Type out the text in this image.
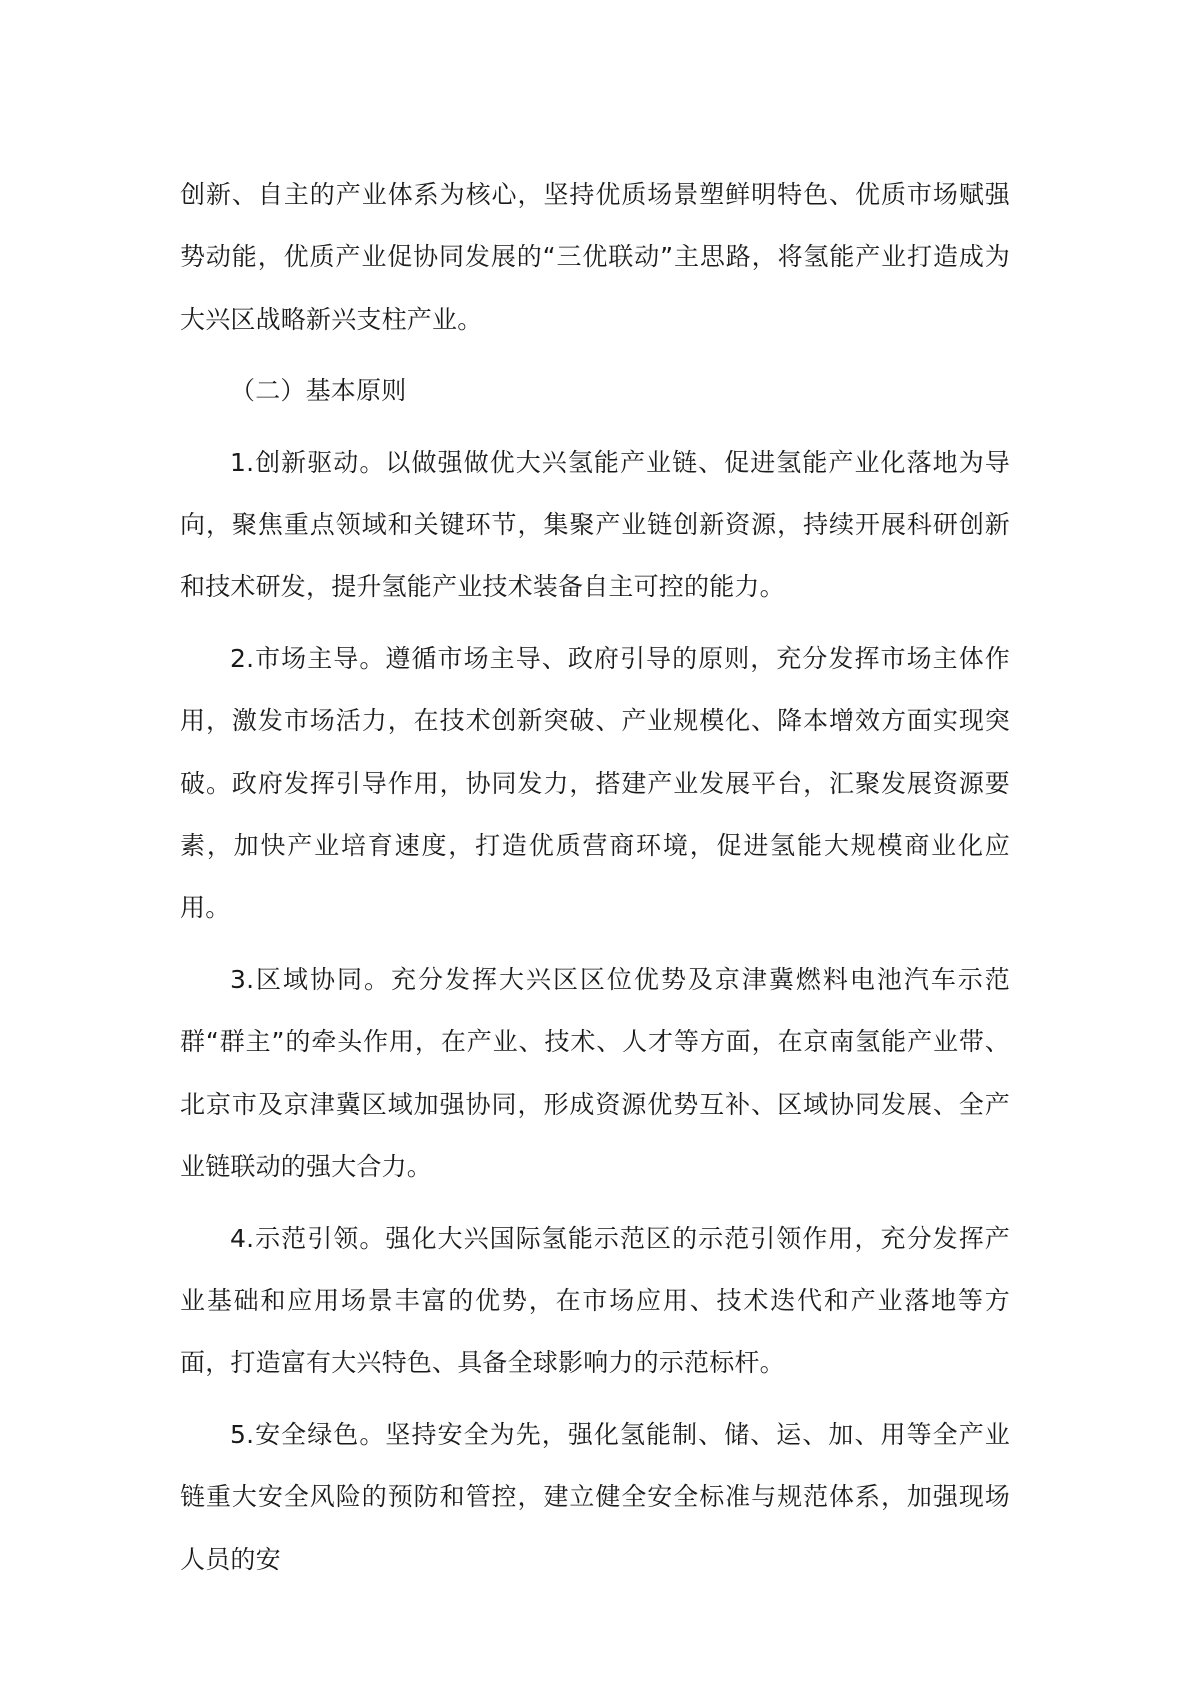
创新、自主的产业体系为核心，坚持优质场景塑鲜明特色、优质市场赋强势动能，优质产业促协同发展的“三优联动”主思路，将氢能产业打造成为大兴区战略新兴支柱产业。

（二）基本原则

1.创新驱动。以做强做优大兴氢能产业链、促进氢能产业化落地为导向，聚焦重点领域和关键环节，集聚产业链创新资源，持续开展科研创新和技术研发，提升氢能产业技术装备自主可控的能力。

2.市场主导。遵循市场主导、政府引导的原则，充分发挥市场主体作用，激发市场活力，在技术创新突破、产业规模化、降本增效方面实现突破。政府发挥引导作用，协同发力，搭建产业发展平台，汇聚发展资源要素，加快产业培育速度，打造优质营商环境，促进氢能大规模商业化应用。

3.区域协同。充分发挥大兴区区位优势及京津冀燃料电池汽车示范群“群主”的牵头作用，在产业、技术、人才等方面，在京南氢能产业带、北京市及京津冀区域加强协同，形成资源优势互补、区域协同发展、全产业链联动的强大合力。

4.示范引领。强化大兴国际氢能示范区的示范引领作用，充分发挥产业基础和应用场景丰富的优势，在市场应用、技术迭代和产业落地等方面，打造富有大兴特色、具备全球影响力的示范标杆。

5.安全绿色。坚持安全为先，强化氢能制、储、运、加、用等全产业链重大安全风险的预防和管控，建立健全安全标准与规范体系，加强现场人员的安
